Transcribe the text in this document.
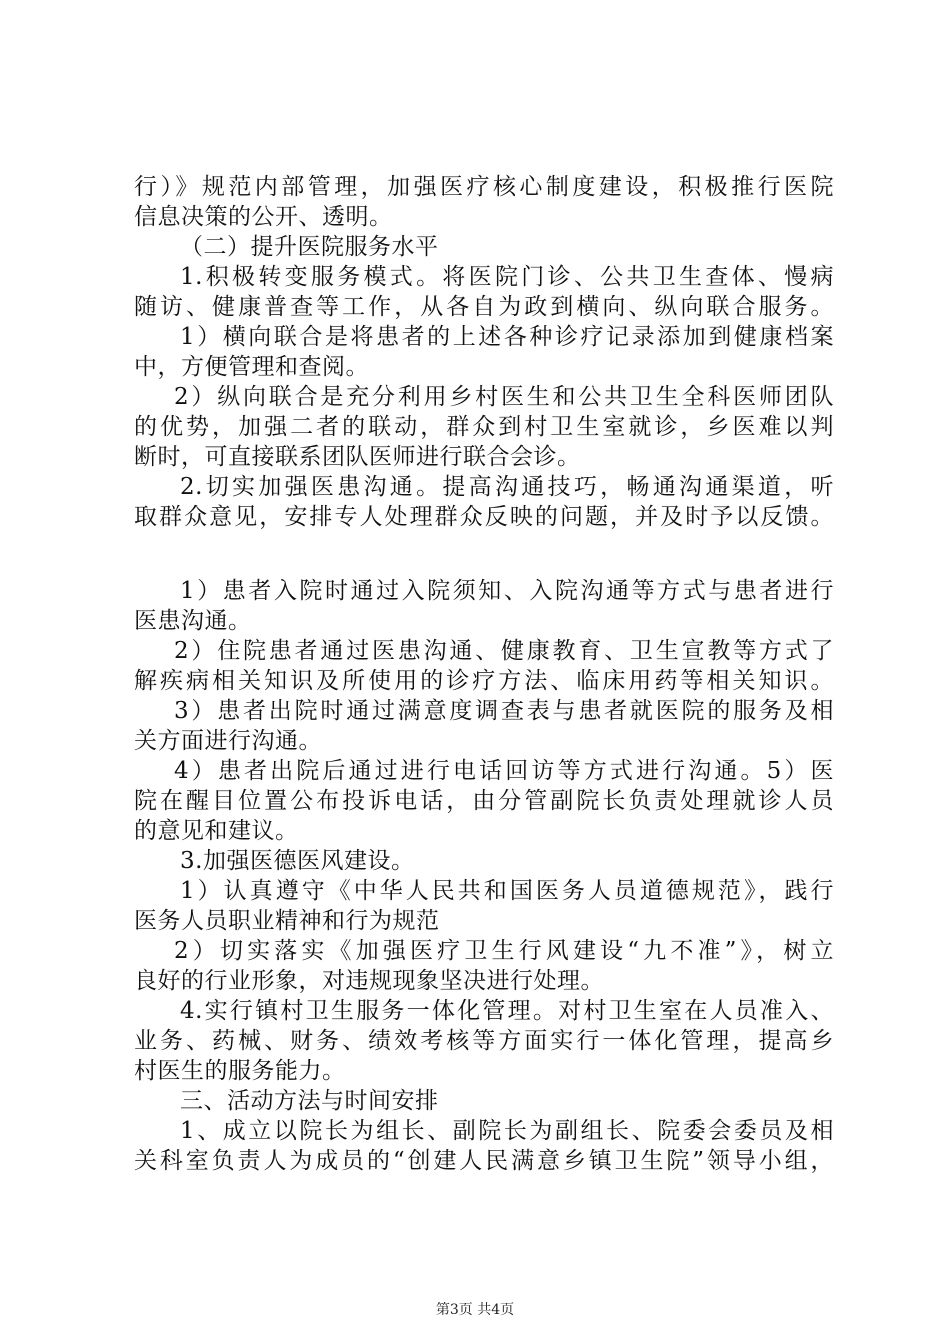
行）》规范内部管理，加强医疗核心制度建设，积极推行医院
信息决策的公开、透明。
（二）提升医院服务水平
1.积极转变服务模式。将医院门诊、公共卫生查体、慢病
随访、健康普查等工作，从各自为政到横向、纵向联合服务。
1）横向联合是将患者的上述各种诊疗记录添加到健康档案
中，方便管理和查阅。
2）纵向联合是充分利用乡村医生和公共卫生全科医师团队
的优势，加强二者的联动，群众到村卫生室就诊，乡医难以判
断时，可直接联系团队医师进行联合会诊。
2.切实加强医患沟通。提高沟通技巧，畅通沟通渠道，听
取群众意见，安排专人处理群众反映的问题，并及时予以反馈。
1）患者入院时通过入院须知、入院沟通等方式与患者进行
医患沟通。
2）住院患者通过医患沟通、健康教育、卫生宣教等方式了
解疾病相关知识及所使用的诊疗方法、临床用药等相关知识。
3）患者出院时通过满意度调查表与患者就医院的服务及相
关方面进行沟通。
4）患者出院后通过进行电话回访等方式进行沟通。5）医
院在醒目位置公布投诉电话，由分管副院长负责处理就诊人员
的意见和建议。
3.加强医德医风建设。
1）认真遵守《中华人民共和国医务人员道德规范》，践行
医务人员职业精神和行为规范
2）切实落实《加强医疗卫生行风建设“九不准”》，树立
良好的行业形象，对违规现象坚决进行处理。
4.实行镇村卫生服务一体化管理。对村卫生室在人员准入、
业务、药械、财务、绩效考核等方面实行一体化管理，提高乡
村医生的服务能力。
三、活动方法与时间安排
1、成立以院长为组长、副院长为副组长、院委会委员及相
关科室负责人为成员的“创建人民满意乡镇卫生院”领导小组，
第3页 共4页
